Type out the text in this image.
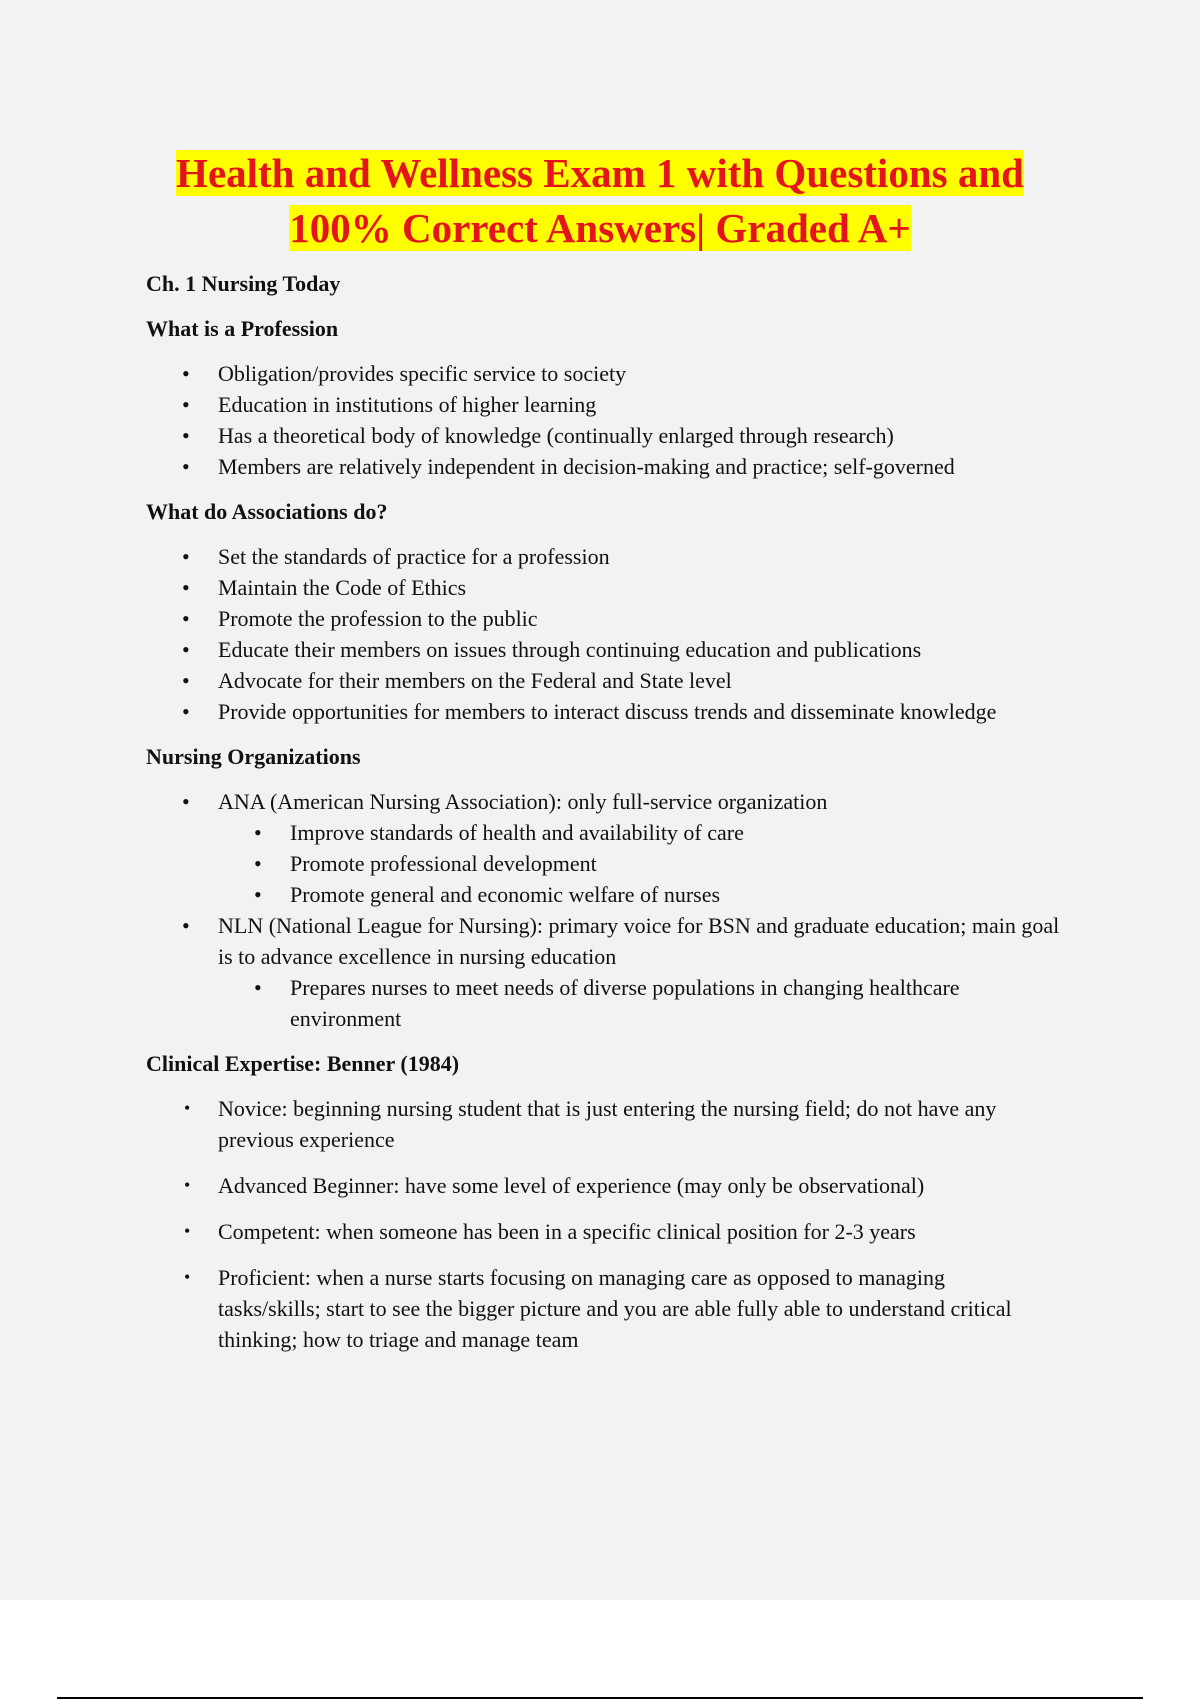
Health and Wellness Exam 1 with Questions and
100% Correct Answers| Graded A+

Ch. 1 Nursing Today

What is a Profession

• Obligation/provides specific service to society
• Education in institutions of higher learning
• Has a theoretical body of knowledge (continually enlarged through research)
• Members are relatively independent in decision-making and practice; self-governed

What do Associations do?

• Set the standards of practice for a profession
• Maintain the Code of Ethics
• Promote the profession to the public
• Educate their members on issues through continuing education and publications
• Advocate for their members on the Federal and State level
• Provide opportunities for members to interact discuss trends and disseminate knowledge

Nursing Organizations

• ANA (American Nursing Association): only full-service organization
• Improve standards of health and availability of care
• Promote professional development
• Promote general and economic welfare of nurses
• NLN (National League for Nursing): primary voice for BSN and graduate education; main goal is to advance excellence in nursing education
• Prepares nurses to meet needs of diverse populations in changing healthcare environment

Clinical Expertise: Benner (1984)

• Novice: beginning nursing student that is just entering the nursing field; do not have any previous experience
• Advanced Beginner: have some level of experience (may only be observational)
• Competent: when someone has been in a specific clinical position for 2-3 years
• Proficient: when a nurse starts focusing on managing care as opposed to managing tasks/skills; start to see the bigger picture and you are able fully able to understand critical thinking; how to triage and manage team
